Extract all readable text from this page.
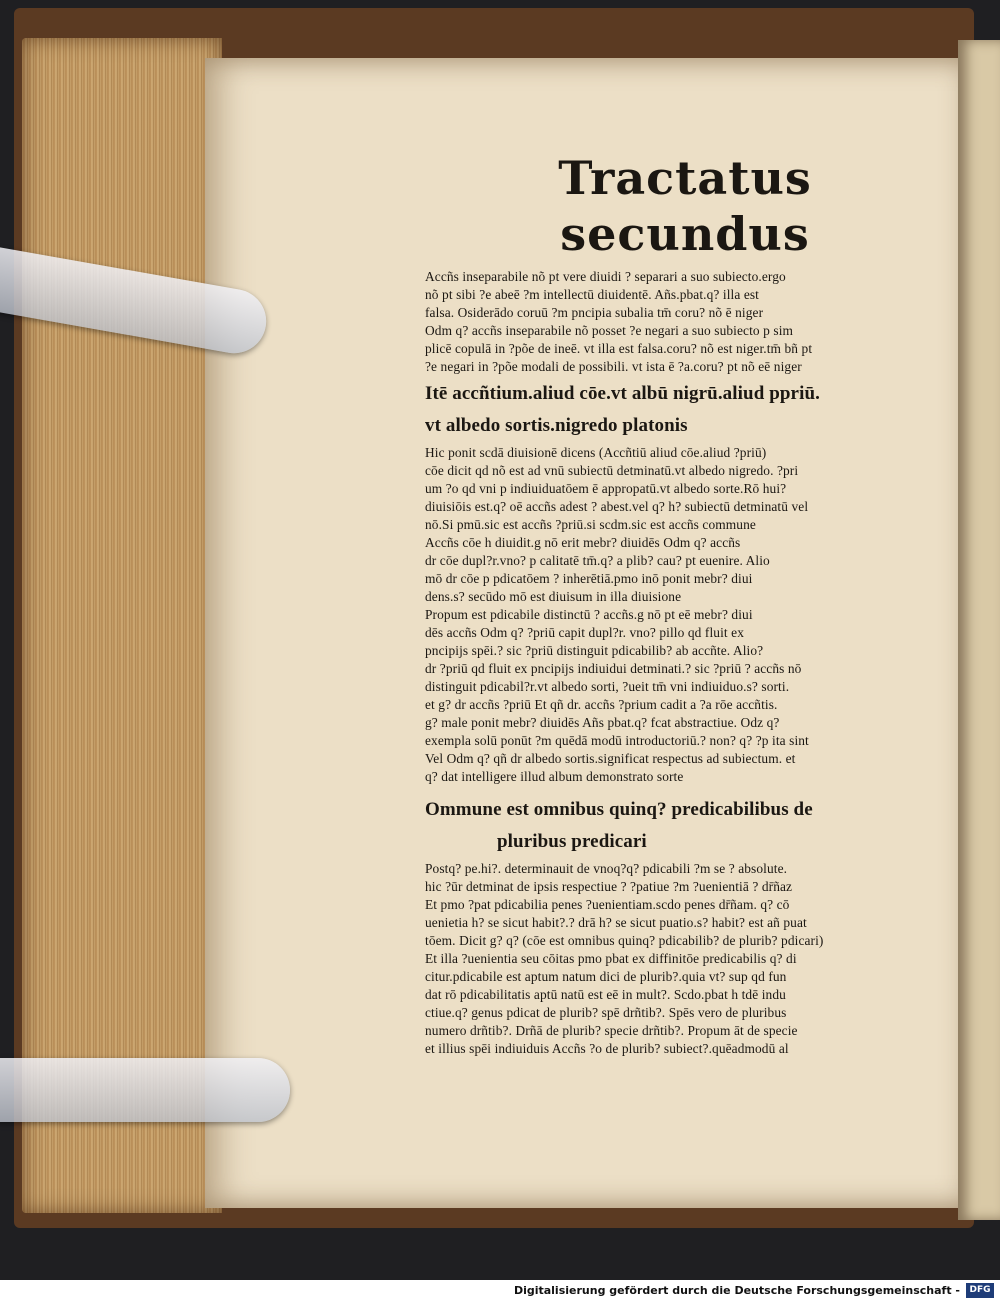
Tractatus secundus
Accñs inseparabile nõ pt vere diuidi ? separari a suo subiecto.ergo
nõ pt sibi ?e abeē ?m intellectū diuidentē. Añs.pbat.q? illa est
falsa. Osiderādo coruū ?m pncipia subalia tm̄ coru? nõ ē niger
Odm q? accñs inseparabile nõ posset ?e negari a suo subiecto p sim
plicē copulā in ?põe de ineē. vt illa est falsa.coru? nõ est niger.tm̄ bñ pt
?e negari in ?põe modali de possibili. vt ista ē ?a.coru? pt nõ eē niger
Itē accñtium.aliud cōe.vt albū nigrū.aliud ppriū.
vt albedo sortis.nigredo platonis
Hic ponit scdā diuisionē dicens (Accñtiū aliud cōe.aliud ?priū)
cōe dicit qd nõ est ad vnū subiectū detminatū.vt albedo nigredo. ?pri
um ?o qd vni p indiuiduatōem ē appropatū.vt albedo sorte.Rō hui?
diuisiōis est.q? oē accñs adest ? abest.vel q? h? subiectū detminatū vel
nō.Si pmū.sic est accñs ?priū.si scdm.sic est accñs commune
Accñs cōe h diuidit.g nō erit mebr? diuidēs Odm q? accñs
dr cōe dupl?r.vno? p calitatē tm̄.q? a plib? cau? pt euenire. Alio
mō dr cōe p pdicatōem ? inherētiā.pmo inō ponit mebr? diui
dens.s? secūdo mō est diuisum in illa diuisione
Propum est pdicabile distinctū ? accñs.g nō pt eē mebr? diui
dēs accñs Odm q? ?priū capit dupl?r. vno? pillo qd fluit ex
pncipijs spēi.? sic ?priū distinguit pdicabilib? ab accñte. Alio?
dr ?priū qd fluit ex pncipijs indiuidui detminati.? sic ?priū ? accñs nō
distinguit pdicabil?r.vt albedo sorti, ?ueit tm̄ vni indiuiduo.s? sorti.
et g? dr accñs ?priū Et qñ dr. accñs ?prium cadit a ?a rōe accñtis.
g? male ponit mebr? diuidēs Añs pbat.q? fcat abstractiue. Odz q?
exempla solū ponūt ?m quēdā modū introductoriū.? non? q? ?p ita sint
Vel Odm q? qñ dr albedo sortis.significat respectus ad subiectum. et
q? dat intelligere illud album demonstrato sorte
Ommune est omnibus quinq? predicabilibus de
pluribus predicari
Postq? pe.hi?. determinauit de vnoq?q? pdicabili ?m se ? absolute.
hic ?ūr detminat de ipsis respectiue ? ?patiue ?m ?uenientiā ? dr̄ñaz
Et pmo ?pat pdicabilia penes ?uenientiam.scdo penes dr̄ñam. q? cō
uenietia h? se sicut habit?.? drā h? se sicut puatio.s? habit? est añ puat
tōem. Dicit g? q? (cōe est omnibus quinq? pdicabilib? de plurib? pdicari)
Et illa ?uenientia seu cōitas pmo pbat ex diffinitōe predicabilis q? di
citur.pdicabile est aptum natum dici de plurib?.quia vt? sup qd fun
dat rō pdicabilitatis aptū natū est eē in mult?. Scdo.pbat h tdē indu
ctiue.q? genus pdicat de plurib? spē drñtib?. Spēs vero de pluribus
numero drñtib?. Drñā de plurib? specie drñtib?. Propum āt de specie
et illius spēi indiuiduis Accñs ?o de plurib? subiect?.quēadmodū al
Digitalisierung gefördert durch die Deutsche Forschungsgemeinschaft -	DFG
